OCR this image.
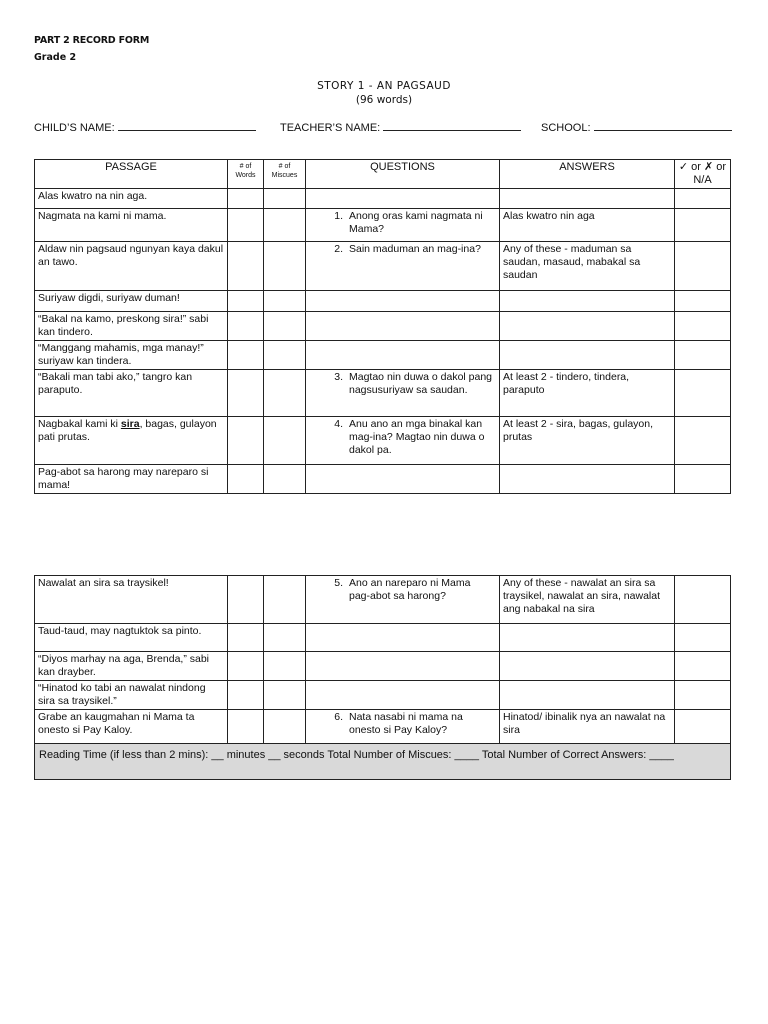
PART 2 RECORD FORM
Grade 2
STORY 1 - AN PAGSAUD
(96 words)
CHILD’S NAME:	TEACHER’S NAME:	SCHOOL:
PASSAGE	# of Words	# of Miscues	QUESTIONS	ANSWERS	✓ or ✗ or N/A
Alas kwatro na nin aga.					
Nagmata na kami ni mama.			1. Anong oras kami nagmata ni Mama?	Alas kwatro nin aga	
Aldaw nin pagsaud ngunyan kaya dakul an tawo.			2. Sain maduman an mag-ina?	Any of these - maduman sa saudan, masaud, mabakal sa saudan	
Suriyaw digdi, suriyaw duman!					
“Bakal na kamo, preskong sira!” sabi kan tindero.					
“Manggang mahamis, mga manay!” suriyaw kan tindera.					
“Bakali man tabi ako,” tangro kan paraputo.			3. Magtao nin duwa o dakol pang nagsusuriyaw sa saudan.	At least 2 - tindero, tindera, paraputo	
Nagbakal kami ki sira, bagas, gulayon pati prutas.			4. Anu ano an mga binakal kan mag-ina? Magtao nin duwa o dakol pa.	At least 2 - sira, bagas, gulayon, prutas	
Pag-abot sa harong may nareparo si mama!					
Nawalat an sira sa traysikel!			5. Ano an nareparo ni Mama pag-abot sa harong?	Any of these - nawalat an sira sa traysikel, nawalat an sira, nawalat ang nabakal na sira	
Taud-taud, may nagtuktok sa pinto.					
“Diyos marhay na aga, Brenda,” sabi kan drayber.					
“Hinatod ko tabi an nawalat nindong sira sa traysikel.”					
Grabe an kaugmahan ni Mama ta onesto si Pay Kaloy.			6. Nata nasabi ni mama na onesto si Pay Kaloy?	Hinatod/ ibinalik nya an nawalat na sira	
Reading Time (if less than 2 mins): __ minutes __ seconds Total Number of Miscues: ____ Total Number of Correct Answers: ____					
